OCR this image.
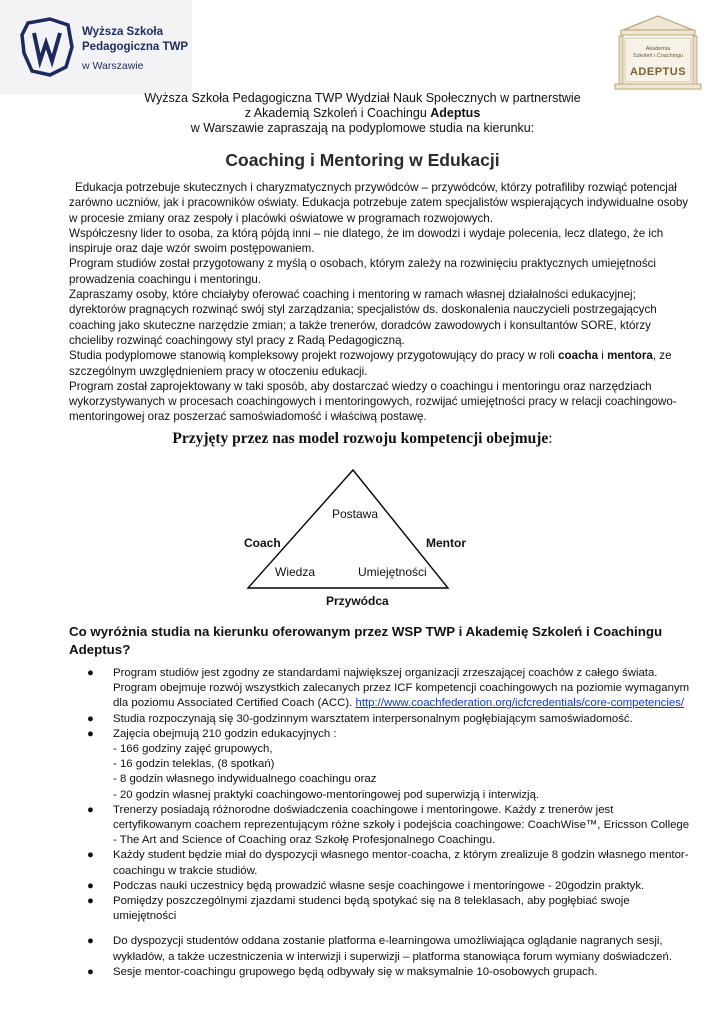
Wyższa Szkoła
Pedagogiczna TWP
w Warszawie
Akademia
Szkoleń i Coachingu
ADEPTUS
Wyższa Szkoła Pedagogiczna TWP Wydział Nauk Społecznych w partnerstwie
z Akademią Szkoleń i Coachingu Adeptus
w Warszawie zapraszają na podyplomowe studia na kierunku:
Coaching i Mentoring w Edukacji

Edukacja potrzebuje skutecznych i charyzmatycznych przywódców – przywódców, którzy potrafiliby rozwiąć potencjał zarówno uczniów, jak i pracowników oświaty. Edukacja potrzebuje zatem specjalistów wspierających indywidualne osoby w procesie zmiany oraz zespoły i placówki oświatowe w programach rozwojowych.

Współczesny lider to osoba, za którą pójdą inni – nie dlatego, że im dowodzi i wydaje polecenia, lecz dlatego, że ich inspiruje oraz daje wzór swoim postępowaniem.

Program studiów został przygotowany z myślą o osobach, którym zależy na rozwinięciu praktycznych umiejętności prowadzenia coachingu i mentoringu.

Zapraszamy osoby, które chciałyby oferować coaching i mentoring w ramach własnej działalności edukacyjnej; dyrektorów pragnących rozwinąć swój styl zarządzania; specjalistów ds. doskonalenia nauczycieli postrzegających coaching jako skuteczne narzędzie zmian; a także trenerów, doradców zawodowych i konsultantów SORE, którzy chcieliby rozwinąć coachingowy styl pracy z Radą Pedagogiczną.

Studia podyplomowe stanowią kompleksowy projekt rozwojowy przygotowujący do pracy w roli coacha i mentora, ze szczególnym uwzględnieniem pracy w otoczeniu edukacji.

Program został zaprojektowany w taki sposób, aby dostarczać wiedzy o coachingu i mentoringu oraz narzędziach wykorzystywanych w procesach coachingowych i mentoringowych, rozwijać umiejętności pracy w relacji coachingowo-mentoringowej oraz poszerzać samoświadomość i właściwą postawę.

Przyjęty przez nas model rozwoju kompetencji obejmuje:
Postawa
Coach	Mentor
Wiedza	Umiejętności
Przywódca
Co wyróżnia studia na kierunku oferowanym przez WSP TWP i Akademię Szkoleń i Coachingu Adeptus?
● Program studiów jest zgodny ze standardami największej organizacji zrzeszającej coachów z całego świata. Program obejmuje rozwój wszystkich zalecanych przez ICF kompetencji coachingowych na poziomie wymaganym dla poziomu Associated Certified Coach (ACC). http://www.coachfederation.org/icfcredentials/core-competencies/
● Studia rozpoczynają się 30-godzinnym warsztatem interpersonalnym pogłębiającym samoświadomość.
● Zajęcia obejmują 210 godzin edukacyjnych :
- 166 godziny zajęć grupowych,
- 16 godzin teleklas, (8 spotkań)
- 8 godzin własnego indywidualnego coachingu oraz
- 20 godzin własnej praktyki coachingowo-mentoringowej pod superwizją i interwizją.
● Trenerzy posiadają różnorodne doświadczenia coachingowe i mentoringowe. Każdy z trenerów jest certyfikowanym coachem reprezentującym różne szkoły i podejścia coachingowe: CoachWise™, Ericsson College - The Art and Science of Coaching oraz Szkołę Profesjonalnego Coachingu.
● Każdy student będzie miał do dyspozycji własnego mentor-coacha, z którym zrealizuje 8 godzin własnego mentor-coachingu w trakcie studiów.
● Podczas nauki uczestnicy będą prowadzić własne sesje coachingowe i mentoringowe - 20godzin praktyk.
● Pomiędzy poszczególnymi zjazdami studenci będą spotykać się na 8 teleklasach, aby pogłębiać swoje umiejętności
● Do dyspozycji studentów oddana zostanie platforma e-learningowa umożliwiająca oglądanie nagranych sesji, wykładów, a także uczestniczenia w interwizji i superwizji – platforma stanowiąca forum wymiany doświadczeń.
● Sesje mentor-coachingu grupowego będą odbywały się w maksymalnie 10-osobowych grupach.
